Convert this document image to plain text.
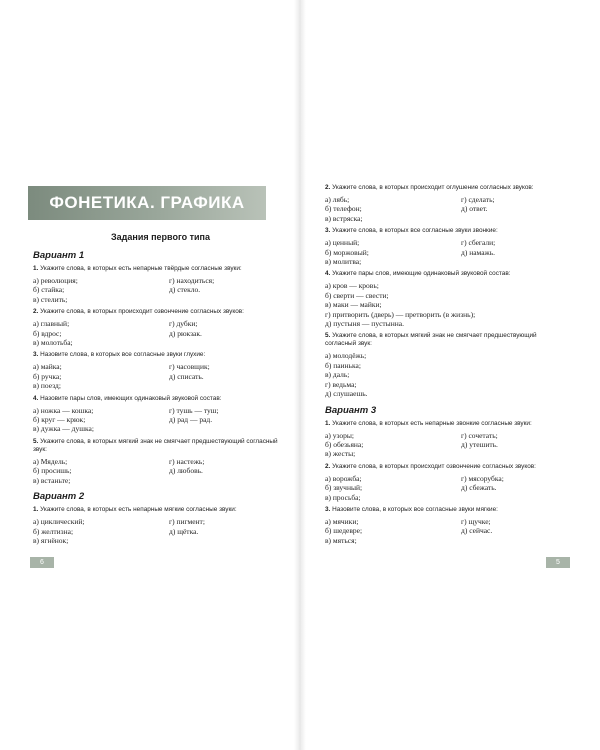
ФОНЕТИКА. ГРАФИКА
Задания первого типа
Вариант 1
1. Укажите слова, в которых есть непарные твёрдые согласные звуки:
а) революция;	г) находиться;
б) стайка;	д) стекло.
в) стелить;
2. Укажите слова, в которых происходит озвончение согласных звуков:
а) главный;	г) дубки;
б) вдрос;	д) рюкзак.
в) молотьба;
3. Назовите слова, в которых все согласные звуки глухие:
а) майка;	г) часовщик;
б) ручка;	д) списать.
в) поезд;
4. Назовите пары слов, имеющих одинаковый звуковой состав:
а) ножка — кошка;	г) тушь — туш;
б) круг — крюк;	д) рад — рад.
в) дужка — душка;
5. Укажите слова, в которых мягкий знак не смягчает предшествующий согласный звук:
а) Мядель;	г) настежь;
б) просишь;	д) любовь.
в) встаньте;
Вариант 2
1. Укажите слова, в которых есть непарные мягкие согласные звуки:
а) циклический;	г) пигмент;
б) желтизна;	д) щётка.
в) ягнёнок;
6
2. Укажите слова, в которых происходит оглушение согласных звуков:
а) лябь;	г) сделать;
б) телефон;	д) ответ.
в) встряска;
3. Укажите слова, в которых все согласные звуки звонкие:
а) ценный;	г) сбегали;
б) моржовый;	д) намажь.
в) молитва;
4. Укажите пары слов, имеющие одинаковый звуковой состав:
а) кров — кровь;
б) сверти — свести;
в) маки — майки;
г) притворить (дверь) — претворить (в жизнь);
д) пустыня — пустынна.
5. Укажите слова, в которых мягкий знак не смягчает предшествующий согласный звук:
а) молодёжь;
б) паинька;
в) даль;
г) ведьма;
д) слушаешь.
Вариант 3
1. Укажите слова, в которых есть непарные звонкие согласные звуки:
а) узоры;	г) сочетать;
б) обезьяна;	д) утешить.
в) жесты;
2. Укажите слова, в которых происходит озвончение согласных звуков:
а) ворожба;	г) мясорубка;
б) звучный;	д) сбежать.
в) просьба;
3. Назовите слова, в которых все согласные звуки мягкие:
а) мячики;	г) щучке;
б) шедевре;	д) сейчас.
в) мяться;
5
